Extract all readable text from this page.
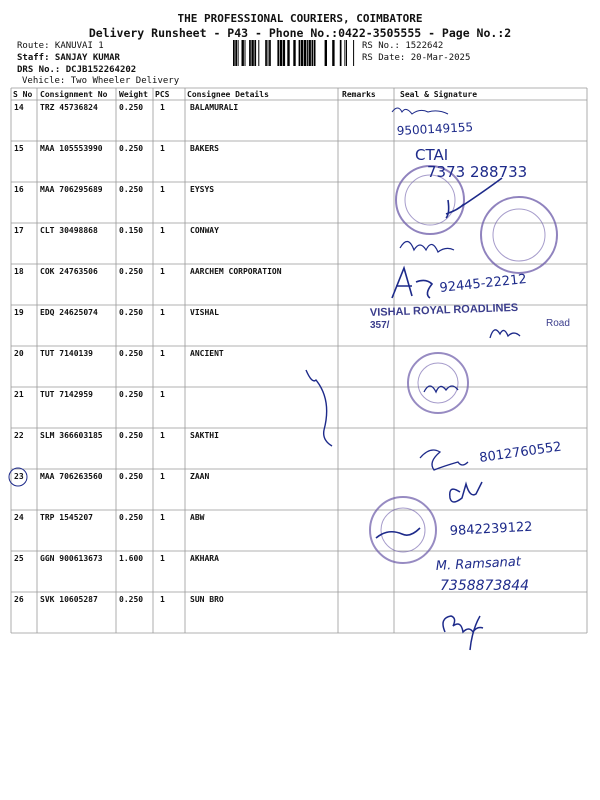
THE PROFESSIONAL COURIERS, COIMBATORE
Delivery Runsheet - P43 - Phone No.:0422-3505555 - Page No.:2
Route: KANUVAI 1
Staff: SANJAY KUMAR
DRS No.: DCJB152264202
Vehicle: Two Wheeler Delivery
RS No.: 1522642
RS Date: 20-Mar-2025
S No Consignment No Weight PCS Consignee Details	Remarks	Seal & Signature
14 TRZ 45736824	0.250 1	BALAMURALI
15 MAA 105553990 0.250 1	BAKERS
16 MAA 706295689 0.250 1	EYSYS
17 CLT 30498868	0.150 1	CONWAY
18 COK 24763506	0.250 1	AARCHEM CORPORATION
19 EDQ 24625074	0.250 1	VISHAL
20 TUT 7140139	0.250 1	ANCIENT
21 TUT 7142959	0.250 1
22 SLM 366603185 0.250 1	SAKTHI
23 MAA 706263560 0.250 1	ZAAN
24 TRP 1545207	0.250 1	ABW
25 GGN 900613673 1.600 1	AKHARA
26 SVK 10605287	0.250 1	SUN BRO
9500149155
CTAI
7373 288733
92445-22212
VISHAL ROYAL ROADLINES
357/	Road
8012760552
9842239122
M. Ramsanat
7358873844
